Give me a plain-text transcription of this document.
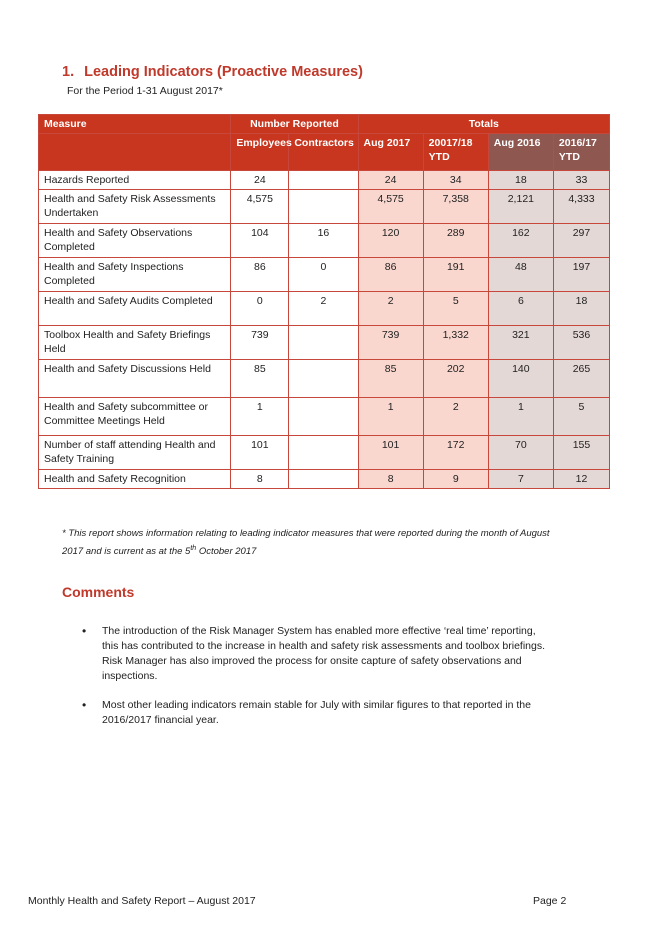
1. Leading Indicators (Proactive Measures)
For the Period 1-31 August 2017*
Measure	Number Reported		Totals			
	Employees	Contractors	Aug 2017	20017/18 YTD	Aug 2016	2016/17 YTD
Hazards Reported	24		24	34	18	33
Health and Safety Risk Assessments Undertaken	4,575		4,575	7,358	2,121	4,333
Health and Safety Observations Completed	104	16	120	289	162	297
Health and Safety Inspections Completed	86	0	86	191	48	197
Health and Safety Audits Completed	0	2	2	5	6	18
Toolbox Health and Safety Briefings Held	739		739	1,332	321	536
Health and Safety Discussions Held	85		85	202	140	265
Health and Safety subcommittee or Committee Meetings Held	1		1	2	1	5
Number of staff attending Health and Safety Training	101		101	172	70	155
Health and Safety Recognition	8		8	9	7	12
* This report shows information relating to leading indicator measures that were reported during the month of August 2017 and is current as at the 5th October 2017
Comments
•	The introduction of the Risk Manager System has enabled more effective ‘real time’ reporting, this has contributed to the increase in health and safety risk assessments and toolbox briefings. Risk Manager has also improved the process for onsite capture of safety observations and inspections.
•	Most other leading indicators remain stable for July with similar figures to that reported in the 2016/2017 financial year.
Monthly Health and Safety Report – August 2017	Page 2
